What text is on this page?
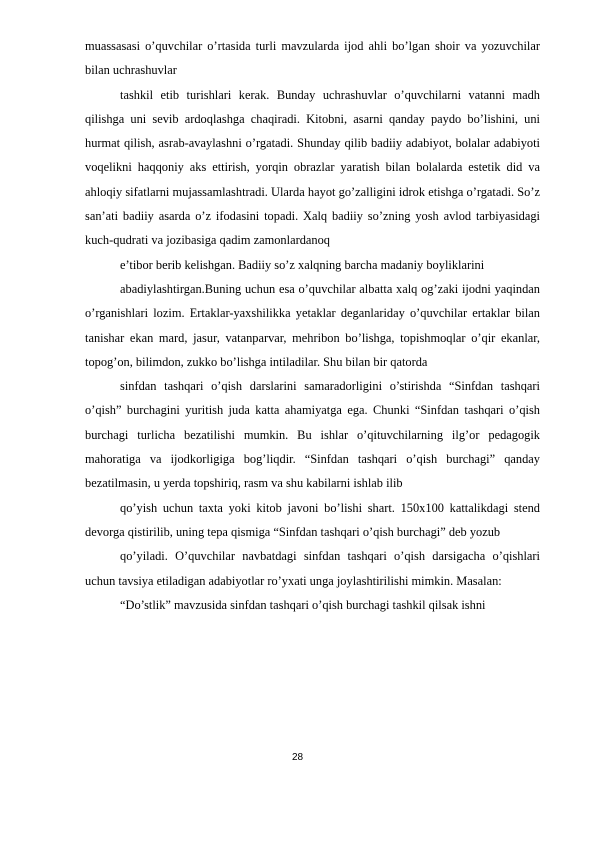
muassasasi o’quvchilar o’rtasida turli mavzularda ijod ahli bo’lgan shoir va yozuvchilar bilan uchrashuvlar

tashkil etib turishlari kerak. Bunday uchrashuvlar o’quvchilarni vatanni madh qilishga uni sevib ardoqlashga chaqiradi. Kitobni, asarni qanday paydo bo’lishini, uni hurmat qilish, asrab-avaylashni o’rgatadi. Shunday qilib badiiy adabiyot, bolalar adabiyoti voqelikni haqqoniy aks ettirish, yorqin obrazlar yaratish bilan bolalarda estetik did va ahloqiy sifatlarni mujassamlashtradi. Ularda hayot go’zalligini idrok etishga o’rgatadi. So’z san’ati badiiy asarda o’z ifodasini topadi. Xalq badiiy so’zning yosh avlod tarbiyasidagi kuch-qudrati va jozibasiga qadim zamonlardanoq

e’tibor berib kelishgan. Badiiy so’z xalqning barcha madaniy boyliklarini

abadiylashtirgan.Buning uchun esa o’quvchilar albatta xalq og’zaki ijodni yaqindan o’rganishlari lozim. Ertaklar-yaxshilikka yetaklar deganlariday o’quvchilar ertaklar bilan tanishar ekan mard, jasur, vatanparvar, mehribon bo’lishga, topishmoqlar o’qir ekanlar, topog’on, bilimdon, zukko bo’lishga intiladilar. Shu bilan bir qatorda

sinfdan tashqari o’qish darslarini samaradorligini o’stirishda “Sinfdan tashqari o’qish” burchagini yuritish juda katta ahamiyatga ega. Chunki “Sinfdan tashqari o’qish burchagi turlicha bezatilishi mumkin. Bu ishlar o’qituvchilarning ilg’or pedagogik mahoratiga va ijodkorligiga bog’liqdir. “Sinfdan tashqari o’qish burchagi” qanday bezatilmasin, u yerda topshiriq, rasm va shu kabilarni ishlab ilib

qo’yish uchun taxta yoki kitob javoni bo’lishi shart. 150x100 kattalikdagi stend devorga qistirilib, uning tepa qismiga “Sinfdan tashqari o’qish burchagi” deb yozub

qo’yiladi. O’quvchilar navbatdagi sinfdan tashqari o’qish darsigacha o’qishlari uchun tavsiya etiladigan adabiyotlar ro’yxati unga joylashtirilishi mimkin. Masalan:

“Do’stlik” mavzusida sinfdan tashqari o’qish burchagi tashkil qilsak ishni

28
